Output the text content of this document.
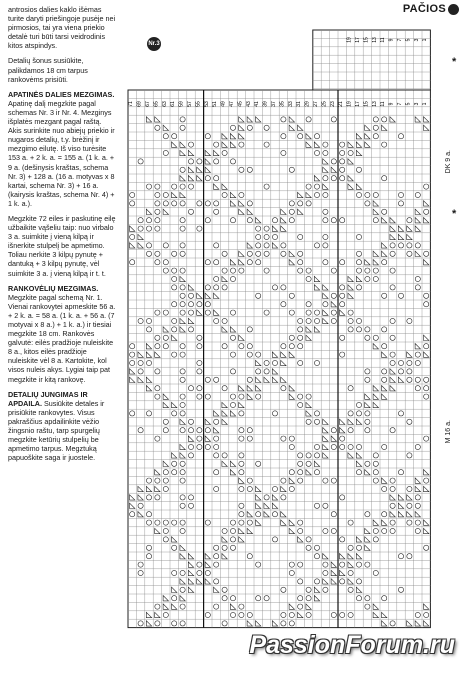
PAČIOS

antrosios dalies kaklo išėmas turite daryti priešingoje pusėje nei pirmosios, tai yra viena priekio detalė turi būti tarsi veidrodinis kitos atspindys.

Detalių šonus susiūkite, palikdamos 18 cm tarpus rankovėms prisiūti.

APATINĖS DALIES MEZGIMAS. Apatinę dalį megzkite pagal schemas Nr. 3 ir Nr. 4. Mezginys išplatės mezgant pagal raštą. Akis surinkite nuo abiejų priekio ir nugaros detalių, t.y. brėžinį ir mezgimo eilutę. Iš viso turėsite 153 a. + 2 k. a. = 155 a. (1 k. a. + 9 a. (dešinysis kraštas, schema Nr. 3) + 128 a. (16 a. motyvas x 8 kartai, schema Nr. 3) + 16 a. (kairysis kraštas, schema Nr. 4) + 1 k. a.).

Megzkite 72 eiles ir paskutinę eilę užbaikite vąšeliu taip: nuo virbalo 3 a. suimkite į vieną kilpą ir išnerkite stulpelį be apmetimo. Toliau nerkite 3 kilpų pynutę + dantuką + 3 kilpų pynutę, vėl suimkite 3 a. į vieną kilpą ir t. t.

RANKOVĖLIŲ MEZGIMAS. Megzkite pagal schemą Nr. 1. Vienai rankovytei apmeskite 56 a. + 2 k. a. = 58 a. (1 k. a. + 56 a. (7 motyvai x 8 a.) + 1 k. a.) ir tiesiai megzkite 18 cm. Rankovės galvutė: eilės pradžioje nuleiskite 8 a., kitos eilės pradžioje nuleiskite vėl 8 a. Kartokite, kol visos nuleis akys. Lygiai taip pat megzkite ir kitą rankovę.

DETALIŲ JUNGIMAS IR APDAILA. Susiūkite detales ir prisiūkite rankovytes. Visus pakraščius apdailinkite vėžio žingsnio raštu, tarp spurgelių megzkite ketūrių stulpelių be apmetimo tarpus. Megztuką papuoškite saga ir juostele.

71 69 67 65 63 61 59 57 55 53 51 49 47 45 43 41 39 37 35 33 31 29 27 25 23 21 19 17 15 13 11 9 7 5 3 1
19 17 15 13 11 9 7 5 3 1
Nr.3
DK 9 a.
M 16 a.
*
*
PassionForum.ru
